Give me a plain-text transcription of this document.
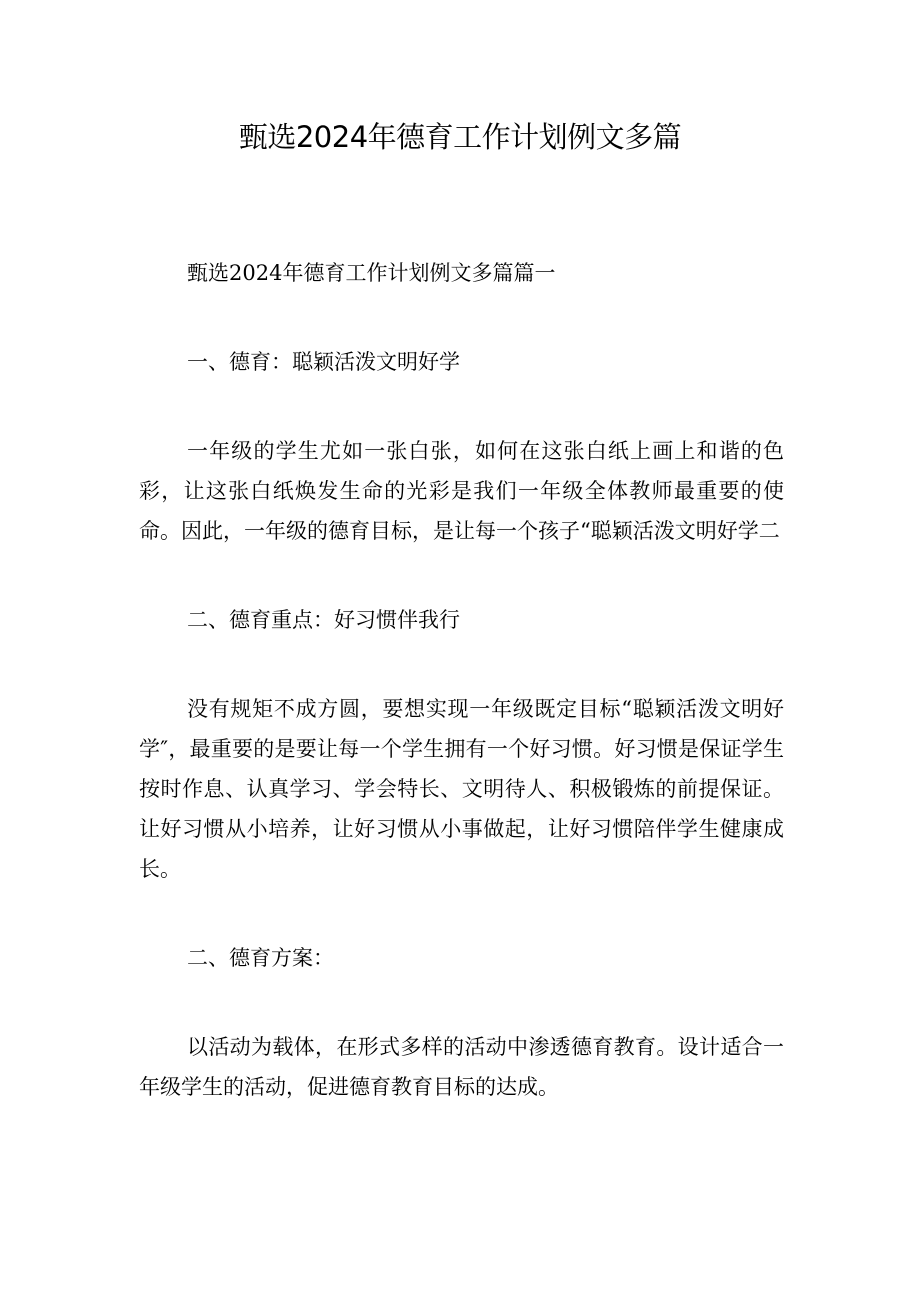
甄选2024年德育工作计划例文多篇

甄选2024年德育工作计划例文多篇篇一

一、德育：聪颖活泼文明好学

一年级的学生尤如一张白张，如何在这张白纸上画上和谐的色彩，让这张白纸焕发生命的光彩是我们一年级全体教师最重要的使命。因此，一年级的德育目标，是让每一个孩子“聪颖活泼文明好学二

二、德育重点：好习惯伴我行

没有规矩不成方圆，要想实现一年级既定目标“聪颖活泼文明好学″，最重要的是要让每一个学生拥有一个好习惯。好习惯是保证学生按时作息、认真学习、学会特长、文明待人、积极锻炼的前提保证。让好习惯从小培养，让好习惯从小事做起，让好习惯陪伴学生健康成长。

二、德育方案：

以活动为载体，在形式多样的活动中渗透德育教育。设计适合一年级学生的活动，促进德育教育目标的达成。
